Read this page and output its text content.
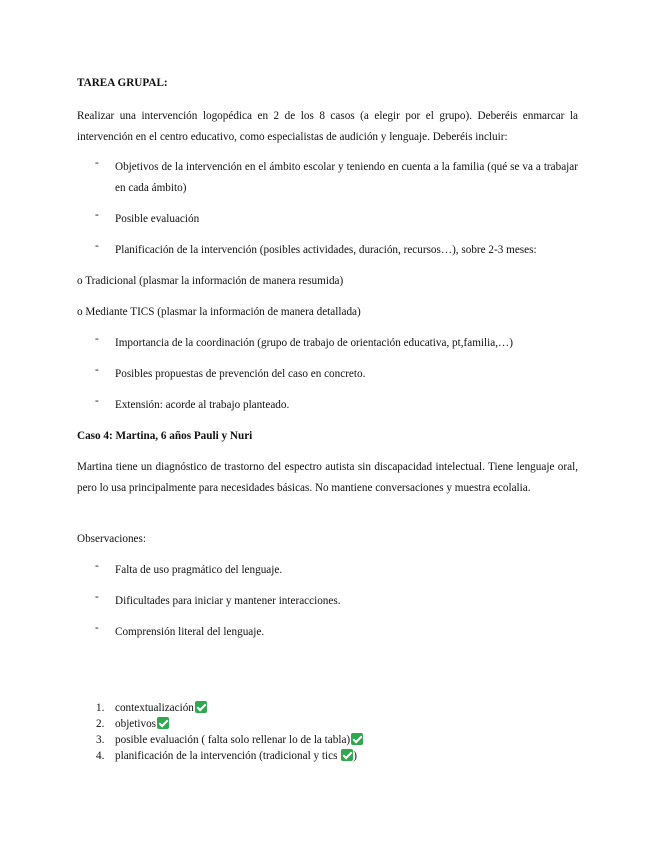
TAREA GRUPAL:

Realizar una intervención logopédica en 2 de los 8 casos (a elegir por el grupo). Deberéis enmarcar la intervención en el centro educativo, como especialistas de audición y lenguaje. Deberéis incluir:

- Objetivos de la intervención en el ámbito escolar y teniendo en cuenta a la familia (qué se va a trabajar en cada ámbito)
- Posible evaluación
- Planificación de la intervención (posibles actividades, duración, recursos…), sobre 2-3 meses:

o Tradicional (plasmar la información de manera resumida)

o Mediante TICS (plasmar la información de manera detallada)

- Importancia de la coordinación (grupo de trabajo de orientación educativa, pt,familia,…)
- Posibles propuestas de prevención del caso en concreto.
- Extensión: acorde al trabajo planteado.

Caso 4: Martina, 6 años Pauli y Nuri

Martina tiene un diagnóstico de trastorno del espectro autista sin discapacidad intelectual. Tiene lenguaje oral, pero lo usa principalmente para necesidades básicas. No mantiene conversaciones y muestra ecolalia.

Observaciones:

- Falta de uso pragmático del lenguaje.
- Dificultades para iniciar y mantener interacciones.
- Comprensión literal del lenguaje.
1. contextualización
2. objetivos
3. posible evaluación ( falta solo rellenar lo de la tabla)
4. planificación de la intervención (tradicional y tics )
